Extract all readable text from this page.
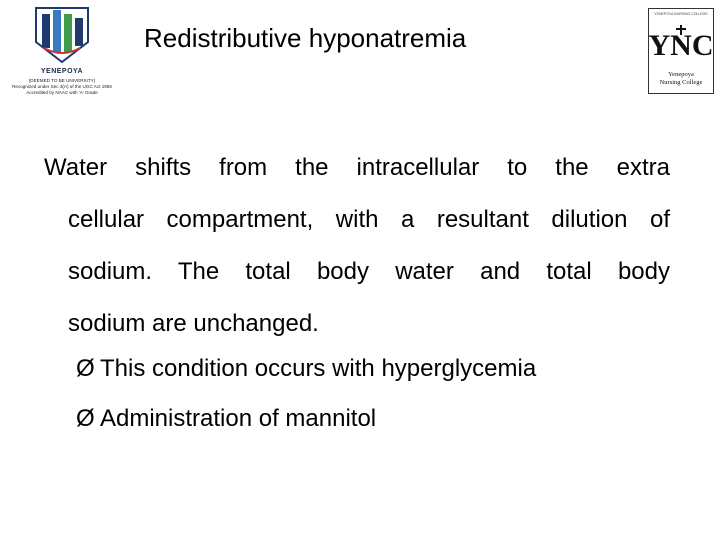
YENEPOYA
(DEEMED TO BE UNIVERSITY)
Recognized under Sec 3(A) of the UGC Act 1956
Accredited by NAAC with 'A' Grade
Redistributive hyponatremia
YENEPOYA NURSING COLLEGE
YNC
Yenepoya
Nursing College
Water shifts from the intracellular to the extra
cellular compartment, with a resultant dilution of
sodium. The total body water and total body
sodium are unchanged.
Ø This condition occurs with hyperglycemia
Ø Administration of mannitol
